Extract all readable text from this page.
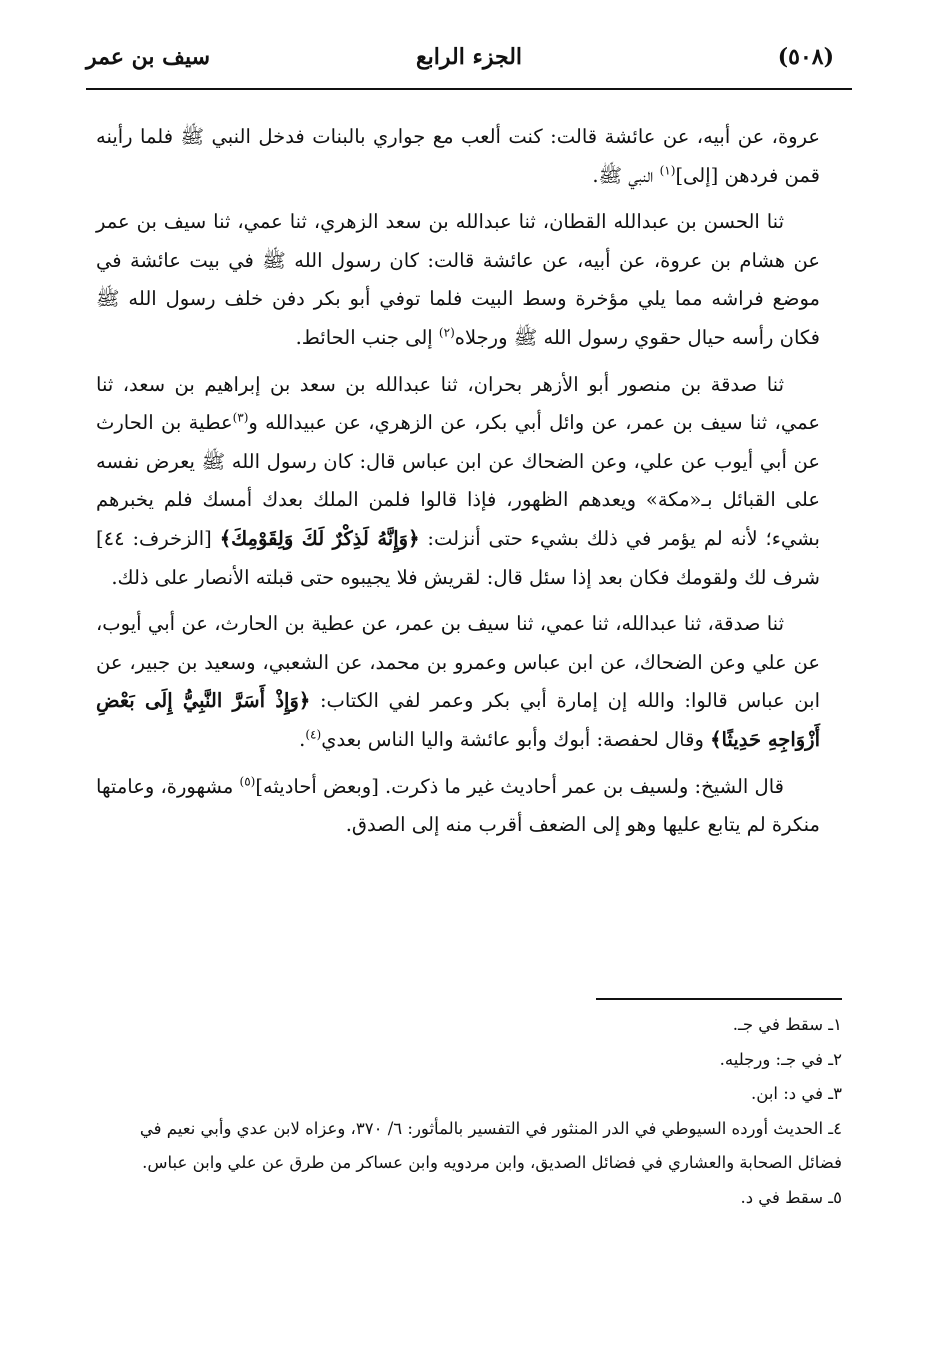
(٥٠٨)
الجزء الرابع
سيف بن عمر

عروة، عن أبيه، عن عائشة قالت: كنت ألعب مع جواري بالبنات فدخل النبي ﷺ فلما رأينه قمن فردهن [إلى]$^{(١)}$ النبي ﷺ.

ثنا الحسن بن عبدالله القطان، ثنا عبدالله بن سعد الزهري، ثنا عمي، ثنا سيف بن عمر عن هشام بن عروة، عن أبيه، عن عائشة قالت: كان رسول الله ﷺ في بيت عائشة في موضع فراشه مما يلي مؤخرة وسط البيت فلما توفي أبو بكر دفن خلف رسول الله ﷺ فكان رأسه حيال حقوي رسول الله ﷺ ورجلاه$^{(٢)}$ إلى جنب الحائط.

ثنا صدقة بن منصور أبو الأزهر بحران، ثنا عبدالله بن سعد بن إبراهيم بن سعد، ثنا عمي، ثنا سيف بن عمر، عن وائل أبي بكر، عن الزهري، عن عبيدالله و$^{(٣)}$عطية بن الحارث عن أبي أيوب عن علي، وعن الضحاك عن ابن عباس قال: كان رسول الله ﷺ يعرض نفسه على القبائل بـ«مكة» ويعدهم الظهور، فإذا قالوا فلمن الملك بعدك أمسك فلم يخبرهم بشيء؛ لأنه لم يؤمر في ذلك بشيء حتى أنزلت: ﴿وَإِنَّهُ لَذِكْرٌ لَكَ وَلِقَوْمِكَ﴾ [الزخرف: ٤٤] شرف لك ولقومك فكان بعد إذا سئل قال: لقريش فلا يجيبوه حتى قبلته الأنصار على ذلك.

ثنا صدقة، ثنا عبدالله، ثنا عمي، ثنا سيف بن عمر، عن عطية بن الحارث، عن أبي أيوب، عن علي وعن الضحاك، عن ابن عباس وعمرو بن محمد، عن الشعبي، وسعيد بن جبير، عن ابن عباس قالوا: والله إن إمارة أبي بكر وعمر لفي الكتاب: ﴿وَإِذْ أَسَرَّ النَّبِيُّ إِلَى بَعْضِ أَزْوَاجِهِ حَدِيثًا﴾ وقال لحفصة: أبوك وأبو عائشة واليا الناس بعدي$^{(٤)}$.

قال الشيخ: ولسيف بن عمر أحاديث غير ما ذكرت. [وبعض أحاديثه]$^{(٥)}$ مشهورة، وعامتها منكرة لم يتابع عليها وهو إلى الضعف أقرب منه إلى الصدق.

١ـ سقط في جـ.

٢ـ في جـ: ورجليه.

٣ـ في د: ابن.

٤ـ الحديث أورده السيوطي في الدر المنثور في التفسير بالمأثور: ٦/ ٣٧٠، وعزاه لابن عدي وأبي نعيم في فضائل الصحابة والعشاري في فضائل الصديق، وابن مردويه وابن عساكر من طرق عن علي وابن عباس.

٥ـ سقط في د.
